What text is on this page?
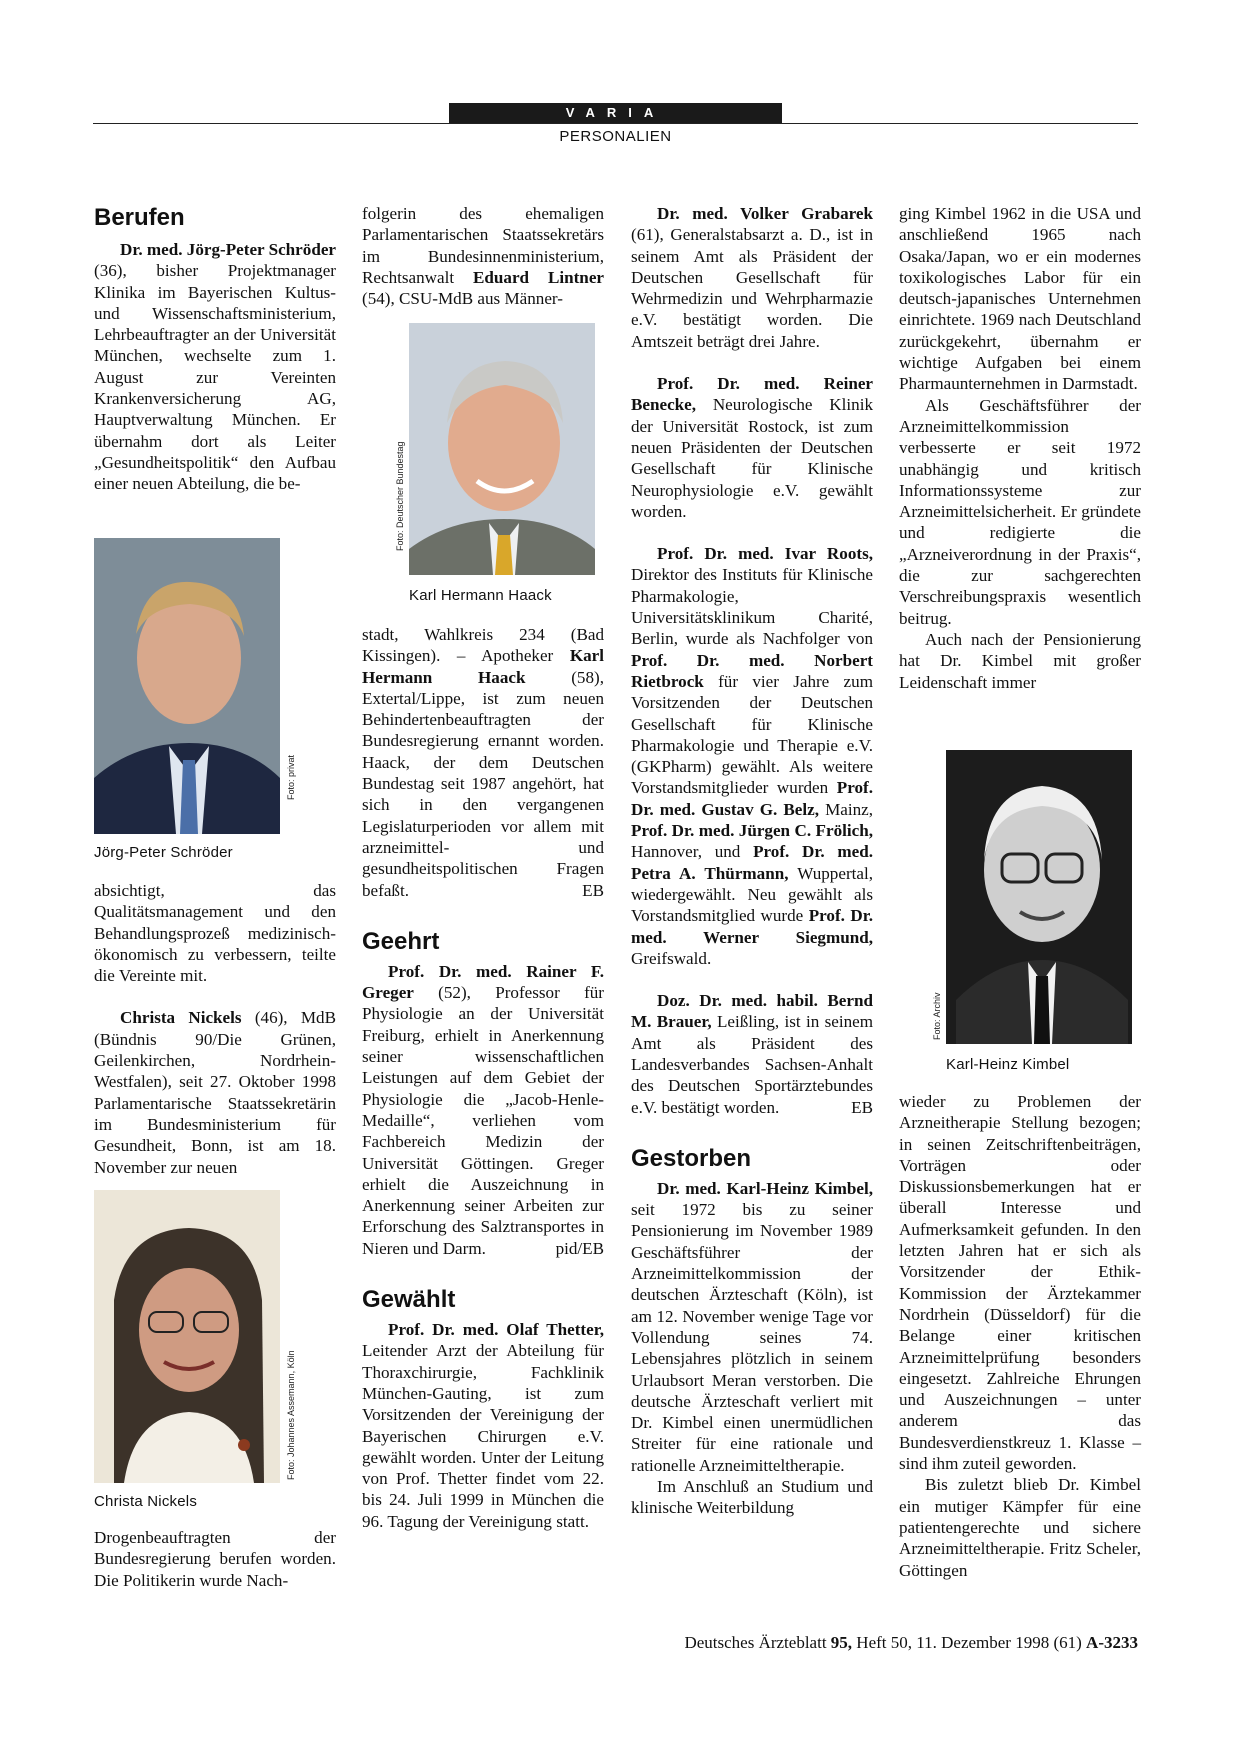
VARIA
PERSONALIEN
Berufen

Dr. med. Jörg-Peter Schröder (36), bisher Projektmanager Klinika im Bayerischen Kultus- und Wissenschaftsministerium, Lehrbeauftragter an der Universität München, wechselte zum 1. August zur Vereinten Krankenversicherung AG, Hauptverwaltung München. Er übernahm dort als Leiter „Gesundheitspolitik“ den Aufbau einer neuen Abteilung, die be-

Foto: privat
Jörg-Peter Schröder

absichtigt, das Qualitätsmanagement und den Behandlungsprozeß medizinisch-ökonomisch zu verbessern, teilte die Vereinte mit.

Christa Nickels (46), MdB (Bündnis 90/Die Grünen, Geilenkirchen, Nordrhein-Westfalen), seit 27. Oktober 1998 Parlamentarische Staatssekretärin im Bundesministerium für Gesundheit, Bonn, ist am 18. November zur neuen

Foto: Johannes Assemann, Köln
Christa Nickels

Drogenbeauftragten der Bundesregierung berufen worden. Die Politikerin wurde Nach-

folgerin des ehemaligen Parlamentarischen Staatssekretärs im Bundesinnenministerium, Rechtsanwalt Eduard Lintner (54), CSU-MdB aus Männer-

Foto: Deutscher Bundestag
Karl Hermann Haack

stadt, Wahlkreis 234 (Bad Kissingen). – Apotheker Karl Hermann Haack (58), Extertal/Lippe, ist zum neuen Behindertenbeauftragten der Bundesregierung ernannt worden. Haack, der dem Deutschen Bundestag seit 1987 angehört, hat sich in den vergangenen Legislaturperioden vor allem mit arzneimittel- und gesundheitspolitischen Fragen befaßt.	EB

Geehrt

Prof. Dr. med. Rainer F. Greger (52), Professor für Physiologie an der Universität Freiburg, erhielt in Anerkennung seiner wissenschaftlichen Leistungen auf dem Gebiet der Physiologie die „Jacob-Henle-Medaille“, verliehen vom Fachbereich Medizin der Universität Göttingen. Greger erhielt die Auszeichnung in Anerkennung seiner Arbeiten zur Erforschung des Salztransportes in Nieren und Darm.	pid/EB

Gewählt

Prof. Dr. med. Olaf Thetter, Leitender Arzt der Abteilung für Thoraxchirurgie, Fachklinik München-Gauting, ist zum Vorsitzenden der Vereinigung der Bayerischen Chirurgen e.V. gewählt worden. Unter der Leitung von Prof. Thetter findet vom 22. bis 24. Juli 1999 in München die 96. Tagung der Vereinigung statt.

Dr. med. Volker Grabarek (61), Generalstabsarzt a. D., ist in seinem Amt als Präsident der Deutschen Gesellschaft für Wehrmedizin und Wehrpharmazie e.V. bestätigt worden. Die Amtszeit beträgt drei Jahre.

Prof. Dr. med. Reiner Benecke, Neurologische Klinik der Universität Rostock, ist zum neuen Präsidenten der Deutschen Gesellschaft für Klinische Neurophysiologie e.V. gewählt worden.

Prof. Dr. med. Ivar Roots, Direktor des Instituts für Klinische Pharmakologie, Universitätsklinikum Charité, Berlin, wurde als Nachfolger von Prof. Dr. med. Norbert Rietbrock für vier Jahre zum Vorsitzenden der Deutschen Gesellschaft für Klinische Pharmakologie und Therapie e.V. (GKPharm) gewählt. Als weitere Vorstandsmitglieder wurden Prof. Dr. med. Gustav G. Belz, Mainz, Prof. Dr. med. Jürgen C. Frölich, Hannover, und Prof. Dr. med. Petra A. Thürmann, Wuppertal, wiedergewählt. Neu gewählt als Vorstandsmitglied wurde Prof. Dr. med. Werner Siegmund, Greifswald.

Doz. Dr. med. habil. Bernd M. Brauer, Leißling, ist in seinem Amt als Präsident des Landesverbandes Sachsen-Anhalt des Deutschen Sportärztebundes e.V. bestätigt worden.	EB

Gestorben

Dr. med. Karl-Heinz Kimbel, seit 1972 bis zu seiner Pensionierung im November 1989 Geschäftsführer der Arzneimittelkommission der deutschen Ärzteschaft (Köln), ist am 12. November wenige Tage vor Vollendung seines 74. Lebensjahres plötzlich in seinem Urlaubsort Meran verstorben. Die deutsche Ärzteschaft verliert mit Dr. Kimbel einen unermüdlichen Streiter für eine rationale und rationelle Arzneimitteltherapie.

Im Anschluß an Studium und klinische Weiterbildung

ging Kimbel 1962 in die USA und anschließend 1965 nach Osaka/Japan, wo er ein modernes toxikologisches Labor für ein deutsch-japanisches Unternehmen einrichtete. 1969 nach Deutschland zurückgekehrt, übernahm er wichtige Aufgaben bei einem Pharmaunternehmen in Darmstadt.

Als Geschäftsführer der Arzneimittelkommission verbesserte er seit 1972 unabhängig und kritisch Informationssysteme zur Arzneimittelsicherheit. Er gründete und redigierte die „Arzneiverordnung in der Praxis“, die zur sachgerechten Verschreibungspraxis wesentlich beitrug.

Auch nach der Pensionierung hat Dr. Kimbel mit großer Leidenschaft immer

Foto: Archiv
Karl-Heinz Kimbel

wieder zu Problemen der Arzneitherapie Stellung bezogen; in seinen Zeitschriftenbeiträgen, Vorträgen oder Diskussionsbemerkungen hat er überall Interesse und Aufmerksamkeit gefunden. In den letzten Jahren hat er sich als Vorsitzender der Ethik-Kommission der Ärztekammer Nordrhein (Düsseldorf) für die Belange einer kritischen Arzneimittelprüfung besonders eingesetzt. Zahlreiche Ehrungen und Auszeichnungen – unter anderem das Bundesverdienstkreuz 1. Klasse – sind ihm zuteil geworden.

Bis zuletzt blieb Dr. Kimbel ein mutiger Kämpfer für eine patientengerechte und sichere Arzneimitteltherapie. Fritz Scheler, Göttingen

Deutsches Ärzteblatt 95, Heft 50, 11. Dezember 1998 (61) A-3233
